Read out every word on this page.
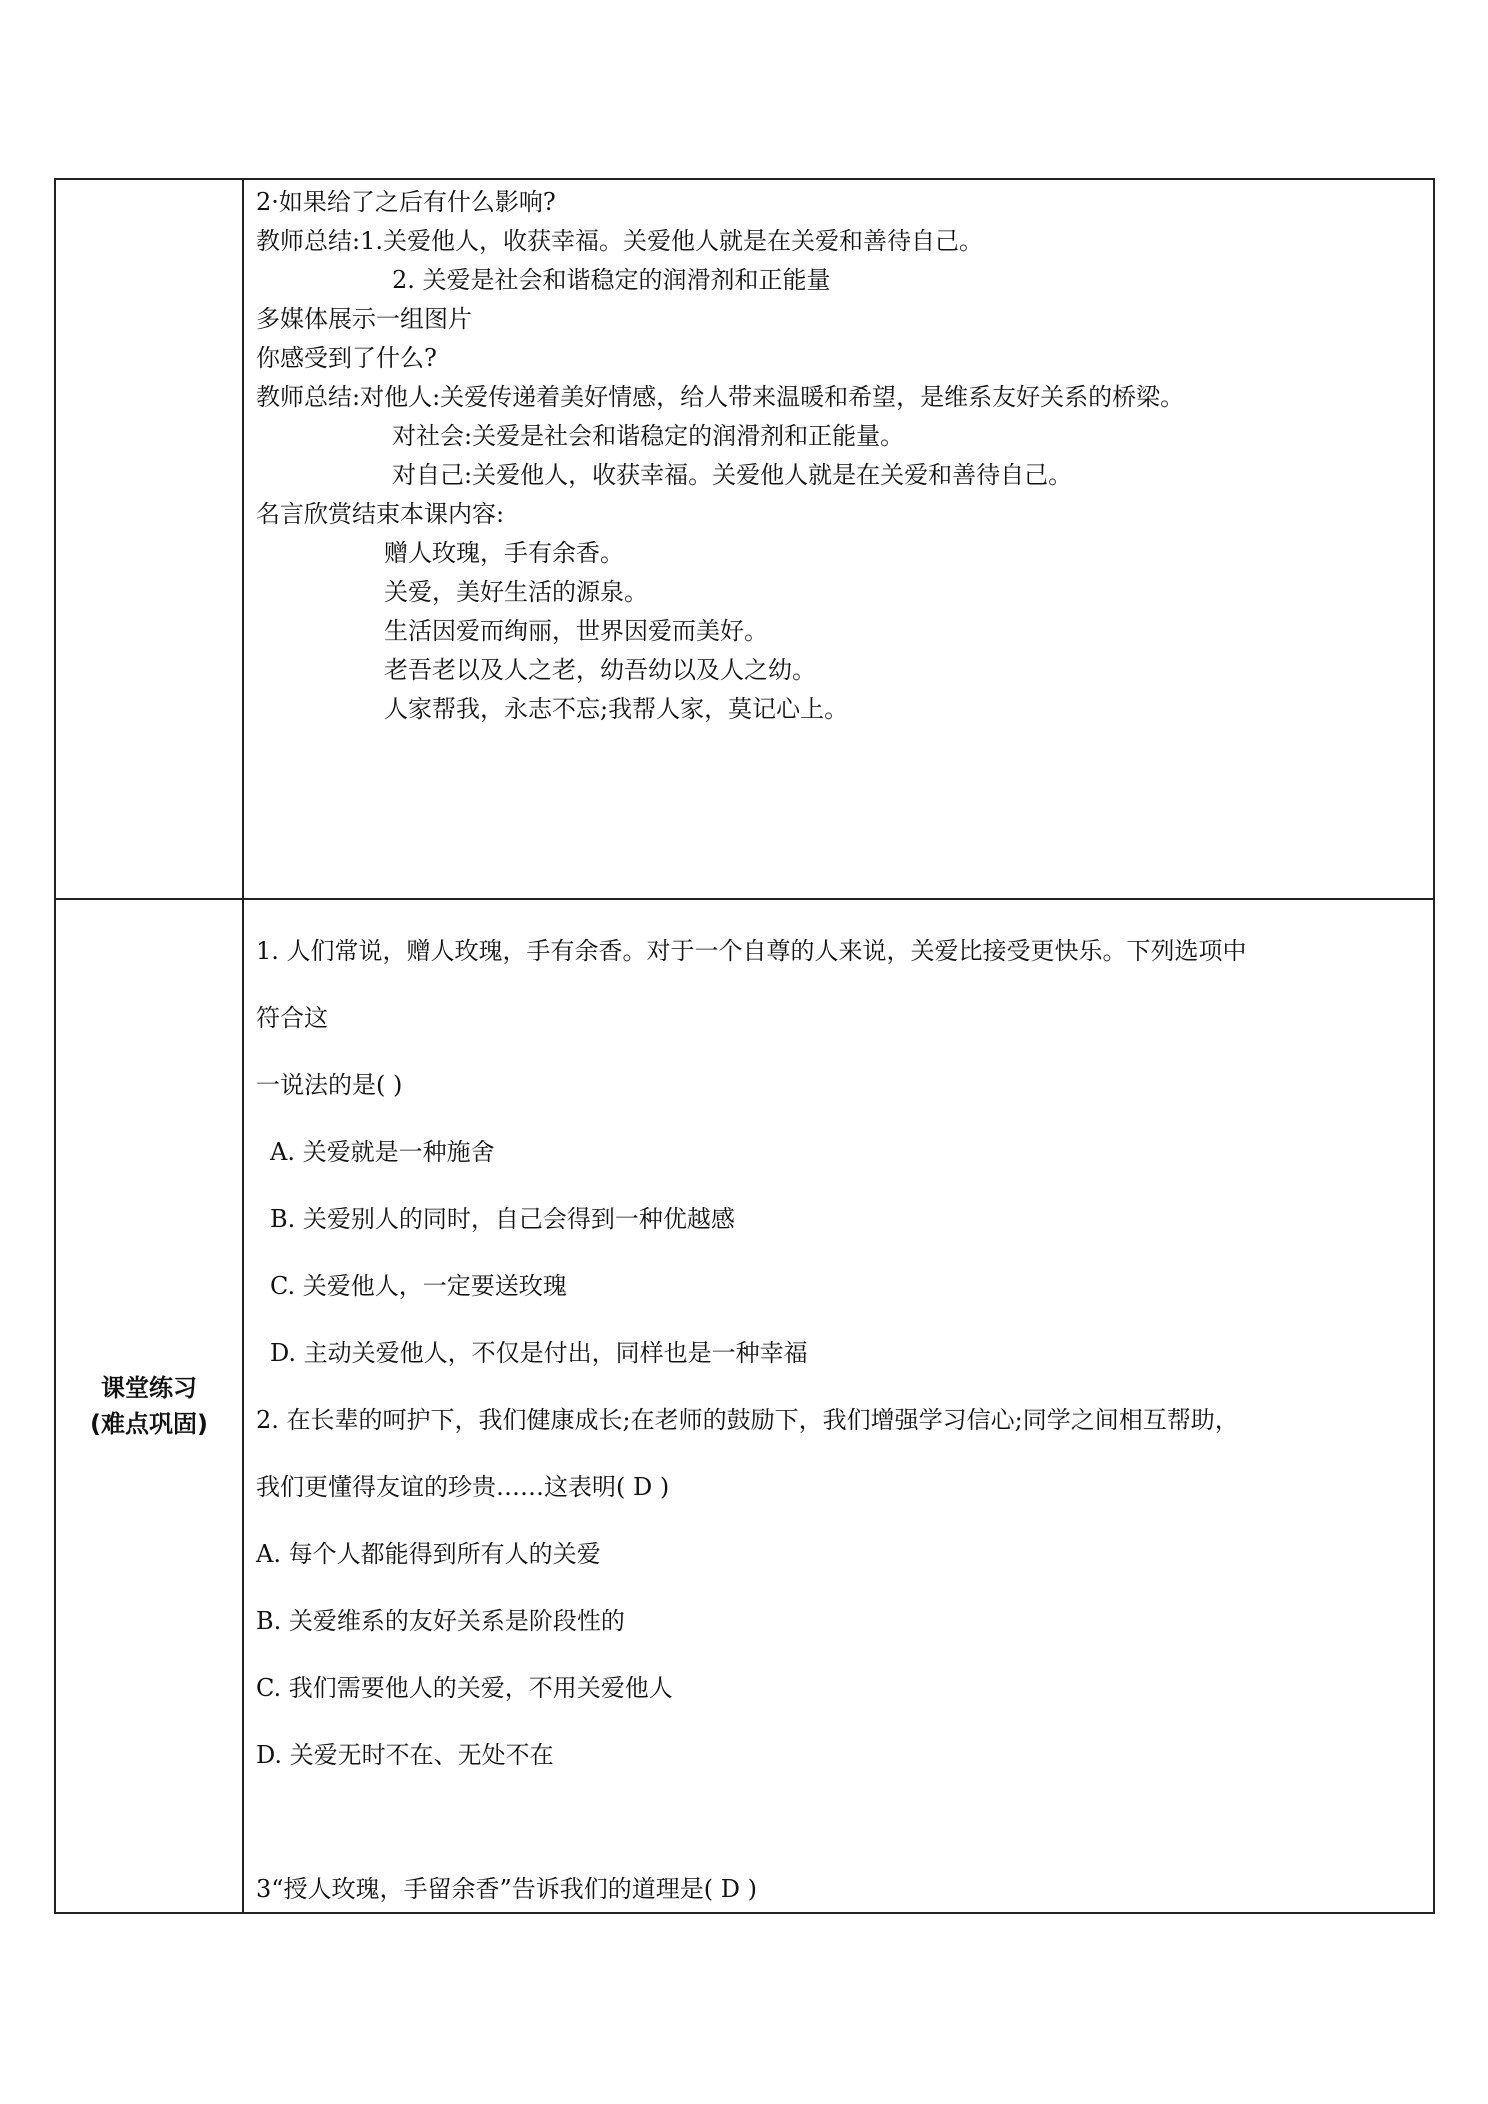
2·如果给了之后有什么影响?
教师总结:1.关爱他人，收获幸福。关爱他人就是在关爱和善待自己。
2. 关爱是社会和谐稳定的润滑剂和正能量
多媒体展示一组图片
你感受到了什么?
教师总结:对他人:关爱传递着美好情感，给人带来温暖和希望，是维系友好关系的桥梁。
对社会:关爱是社会和谐稳定的润滑剂和正能量。
对自己:关爱他人，收获幸福。关爱他人就是在关爱和善待自己。
名言欣赏结束本课内容:
赠人玫瑰，手有余香。
关爱，美好生活的源泉。
生活因爱而绚丽，世界因爱而美好。
老吾老以及人之老，幼吾幼以及人之幼。
人家帮我，永志不忘;我帮人家，莫记心上。
课堂练习
(难点巩固)
1. 人们常说，赠人玫瑰，手有余香。对于一个自尊的人来说，关爱比接受更快乐。下列选项中
符合这
一说法的是( )
A. 关爱就是一种施舍
B. 关爱别人的同时，自己会得到一种优越感
C. 关爱他人，一定要送玫瑰
D. 主动关爱他人，不仅是付出，同样也是一种幸福
2. 在长辈的呵护下，我们健康成长;在老师的鼓励下，我们增强学习信心;同学之间相互帮助，
我们更懂得友谊的珍贵……这表明( D )
A. 每个人都能得到所有人的关爱
B. 关爱维系的友好关系是阶段性的
C. 我们需要他人的关爱，不用关爱他人
D. 关爱无时不在、无处不在
3“授人玫瑰，手留余香”告诉我们的道理是( D )
